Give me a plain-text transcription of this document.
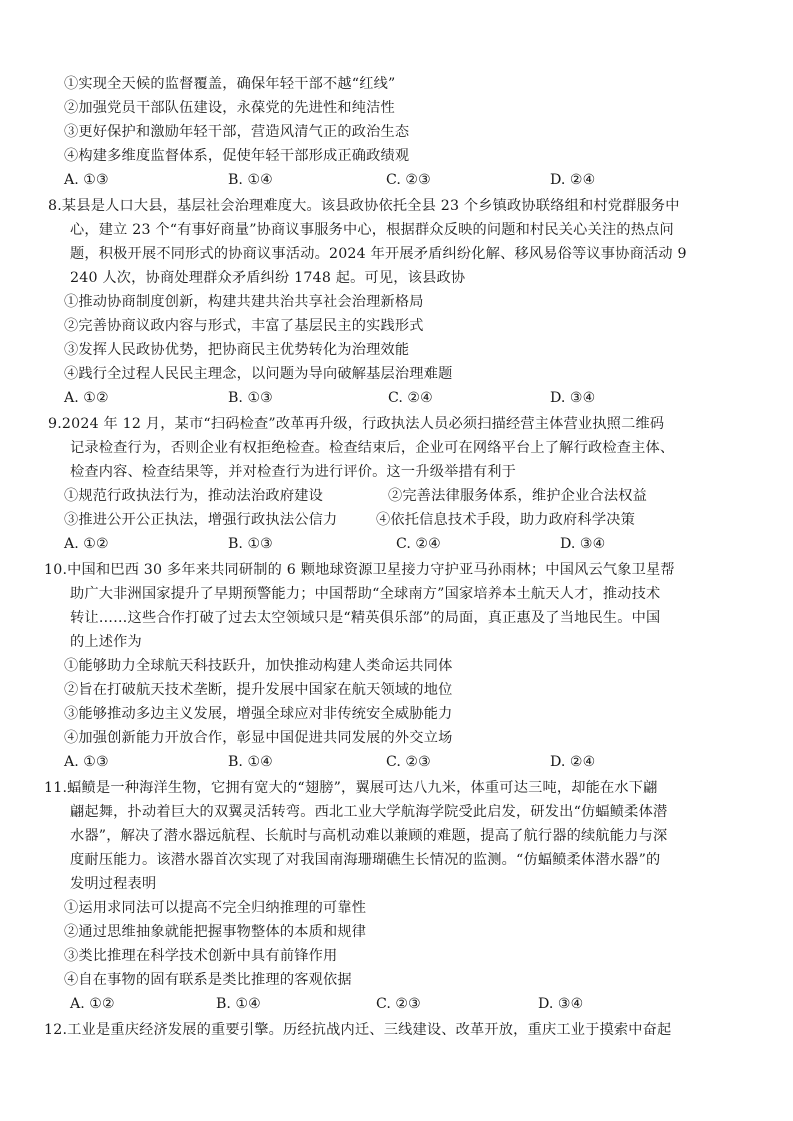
①实现全天候的监督覆盖，确保年轻干部不越“红线”
②加强党员干部队伍建设，永葆党的先进性和纯洁性
③更好保护和激励年轻干部，营造风清气正的政治生态
④构建多维度监督体系，促使年轻干部形成正确政绩观
A. ①③	B. ①④	C. ②③	D. ②④
8.某县是人口大县，基层社会治理难度大。该县政协依托全县 23 个乡镇政协联络组和村党群服务中
心，建立 23 个“有事好商量”协商议事服务中心，根据群众反映的问题和村民关心关注的热点问
题，积极开展不同形式的协商议事活动。2024 年开展矛盾纠纷化解、移风易俗等议事协商活动 9
240 人次，协商处理群众矛盾纠纷 1748 起。可见，该县政协
①推动协商制度创新，构建共建共治共享社会治理新格局
②完善协商议政内容与形式，丰富了基层民主的实践形式
③发挥人民政协优势，把协商民主优势转化为治理效能
④践行全过程人民民主理念，以问题为导向破解基层治理难题
A. ①②	B. ①③	C. ②④	D. ③④
9.2024 年 12 月，某市“扫码检查”改革再升级，行政执法人员必须扫描经营主体营业执照二维码
记录检查行为，否则企业有权拒绝检查。检查结束后，企业可在网络平台上了解行政检查主体、
检查内容、检查结果等，并对检查行为进行评价。这一升级举措有利于
①规范行政执法行为，推动法治政府建设	②完善法律服务体系，维护企业合法权益
③推进公开公正执法，增强行政执法公信力	④依托信息技术手段，助力政府科学决策
A. ①②	B. ①③	C. ②④	D. ③④
10.中国和巴西 30 多年来共同研制的 6 颗地球资源卫星接力守护亚马孙雨林；中国风云气象卫星帮
助广大非洲国家提升了早期预警能力；中国帮助“全球南方”国家培养本土航天人才，推动技术
转让……这些合作打破了过去太空领域只是“精英俱乐部”的局面，真正惠及了当地民生。中国
的上述作为
①能够助力全球航天科技跃升，加快推动构建人类命运共同体
②旨在打破航天技术垄断，提升发展中国家在航天领域的地位
③能够推动多边主义发展，增强全球应对非传统安全威胁能力
④加强创新能力开放合作，彰显中国促进共同发展的外交立场
A. ①③	B. ①④	C. ②③	D. ②④
11.蝠鲼是一种海洋生物，它拥有宽大的“翅膀”，翼展可达八九米，体重可达三吨，却能在水下翩
翩起舞，扑动着巨大的双翼灵活转弯。西北工业大学航海学院受此启发，研发出“仿蝠鲼柔体潜
水器”，解决了潜水器远航程、长航时与高机动难以兼顾的难题，提高了航行器的续航能力与深
度耐压能力。该潜水器首次实现了对我国南海珊瑚礁生长情况的监测。“仿蝠鲼柔体潜水器”的
发明过程表明
①运用求同法可以提高不完全归纳推理的可靠性
②通过思维抽象就能把握事物整体的本质和规律
③类比推理在科学技术创新中具有前锋作用
④自在事物的固有联系是类比推理的客观依据
A. ①②	B. ①④	C. ②③	D. ③④
12.工业是重庆经济发展的重要引擎。历经抗战内迁、三线建设、改革开放，重庆工业于摸索中奋起
